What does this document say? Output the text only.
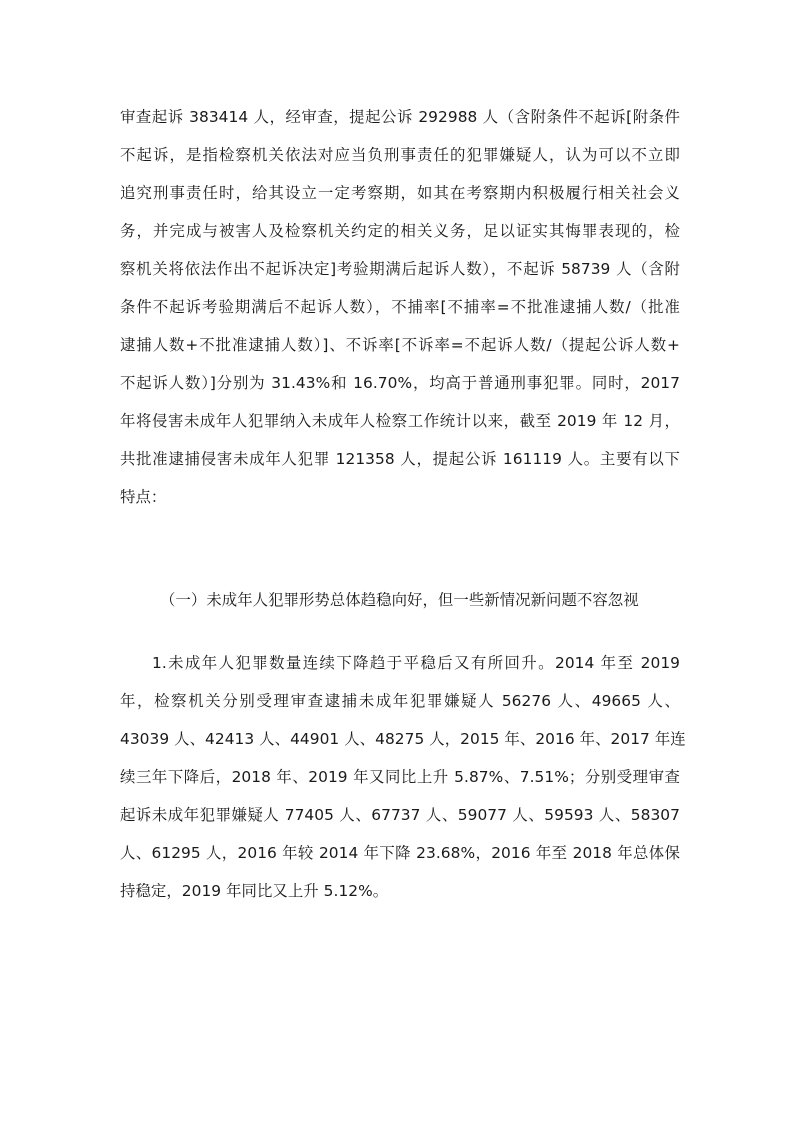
审查起诉 383414 人，经审查，提起公诉 292988 人（含附条件不起诉[附条件
不起诉，是指检察机关依法对应当负刑事责任的犯罪嫌疑人，认为可以不立即
追究刑事责任时，给其设立一定考察期，如其在考察期内积极履行相关社会义
务，并完成与被害人及检察机关约定的相关义务，足以证实其悔罪表现的，检
察机关将依法作出不起诉决定]考验期满后起诉人数），不起诉 58739 人（含附
条件不起诉考验期满后不起诉人数），不捕率[不捕率=不批准逮捕人数/（批准
逮捕人数+不批准逮捕人数）]、不诉率[不诉率=不起诉人数/（提起公诉人数+
不起诉人数）]分别为 31.43%和 16.70%，均高于普通刑事犯罪。同时，2017
年将侵害未成年人犯罪纳入未成年人检察工作统计以来，截至 2019 年 12 月，
共批准逮捕侵害未成年人犯罪 121358 人，提起公诉 161119 人。主要有以下
特点：
（一）未成年人犯罪形势总体趋稳向好，但一些新情况新问题不容忽视
1.未成年人犯罪数量连续下降趋于平稳后又有所回升。2014 年至 2019
年，检察机关分别受理审查逮捕未成年犯罪嫌疑人 56276 人、49665 人、
43039 人、42413 人、44901 人、48275 人，2015 年、2016 年、2017 年连
续三年下降后，2018 年、2019 年又同比上升 5.87%、7.51%；分别受理审查
起诉未成年犯罪嫌疑人 77405 人、67737 人、59077 人、59593 人、58307
人、61295 人，2016 年较 2014 年下降 23.68%，2016 年至 2018 年总体保
持稳定，2019 年同比又上升 5.12%。
